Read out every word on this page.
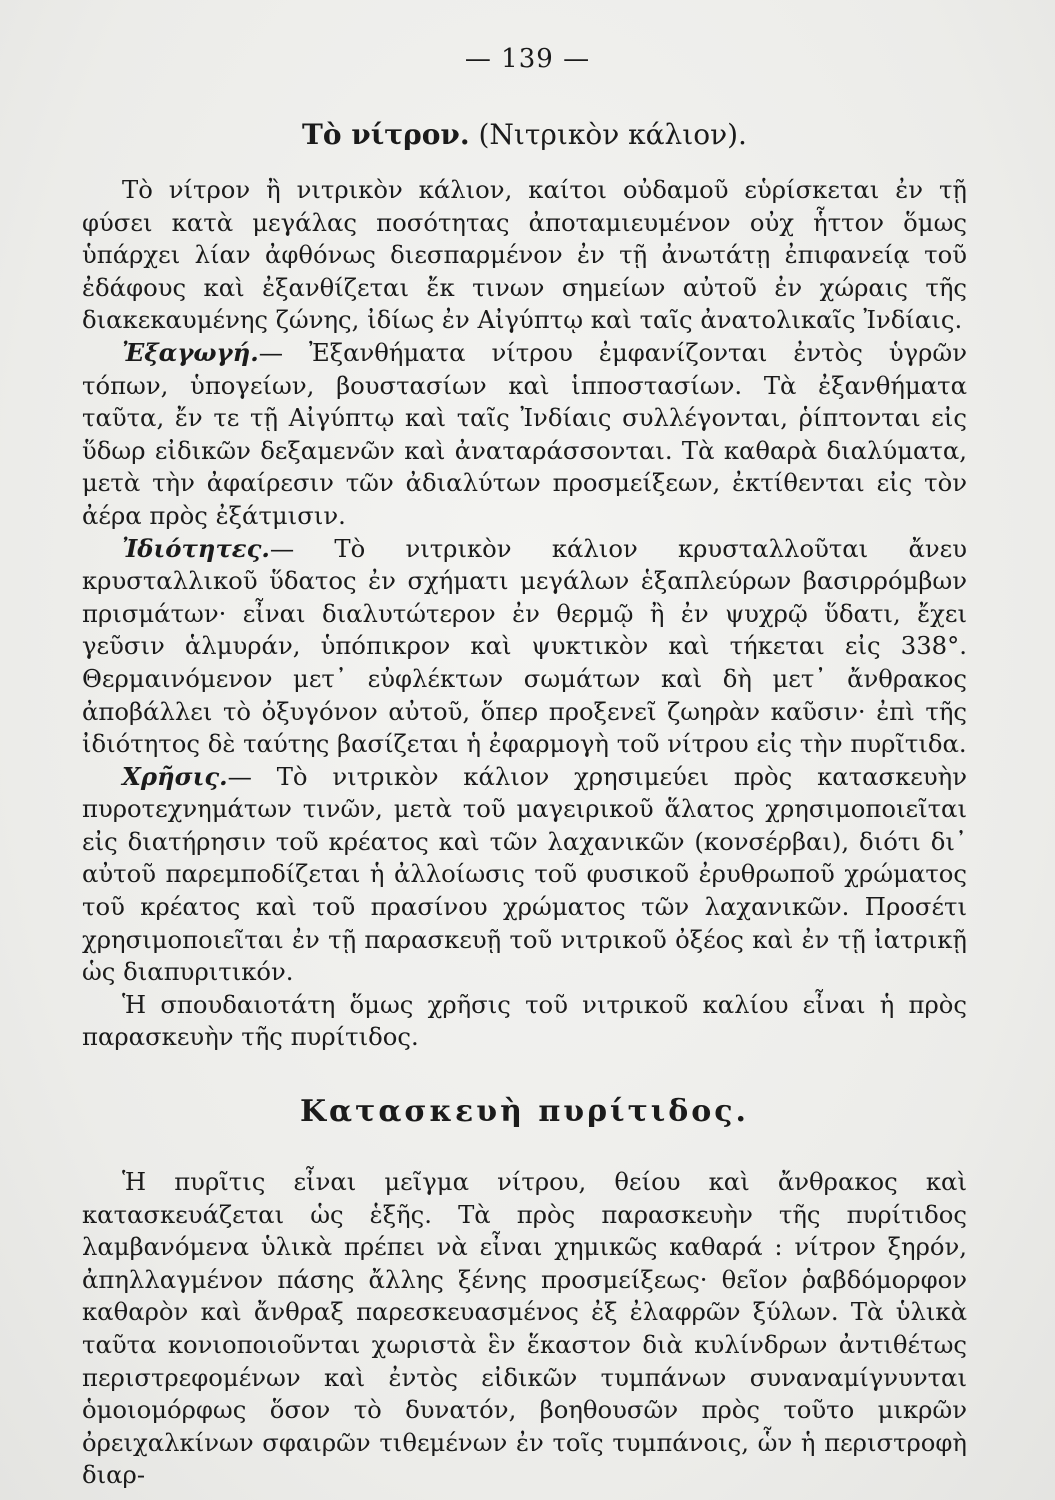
— 139 —
Τὸ νίτρον. (Νιτρικὸν κάλιον).

Τὸ νίτρον ἢ νιτρικὸν κάλιον, καίτοι οὐδαμοῦ εὑρίσκεται ἐν τῇ φύσει κατὰ μεγάλας ποσότητας ἀποταμιευμένον οὐχ ἧττον ὅμως ὑπάρχει λίαν ἀφθόνως διεσπαρμένον ἐν τῇ ἀνωτάτῃ ἐπιφανείᾳ τοῦ ἐδάφους καὶ ἐξανθίζεται ἔκ τινων σημείων αὐτοῦ ἐν χώραις τῆς διακεκαυμένης ζώνης, ἰδίως ἐν Αἰγύπτῳ καὶ ταῖς ἀνατολικαῖς Ἰνδίαις.

Ἐξαγωγή.— Ἐξανθήματα νίτρου ἐμφανίζονται ἐντὸς ὑγρῶν τόπων, ὑπογείων, βουστασίων καὶ ἱπποστασίων. Τὰ ἐξανθήματα ταῦτα, ἔν τε τῇ Αἰγύπτῳ καὶ ταῖς Ἰνδίαις συλλέγονται, ῥίπτονται εἰς ὕδωρ εἰδικῶν δεξαμενῶν καὶ ἀναταράσσονται. Τὰ καθαρὰ διαλύματα, μετὰ τὴν ἀφαίρεσιν τῶν ἀδιαλύτων προσμείξεων, ἐκτίθενται εἰς τὸν ἀέρα πρὸς ἐξάτμισιν.

Ἰδιότητες.— Τὸ νιτρικὸν κάλιον κρυσταλλοῦται ἄνευ κρυσταλλικοῦ ὕδατος ἐν σχήματι μεγάλων ἑξαπλεύρων βασιρρόμβων πρισμάτων· εἶναι διαλυτώτερον ἐν θερμῷ ἢ ἐν ψυχρῷ ὕδατι, ἔχει γεῦσιν ἁλμυράν, ὑπόπικρον καὶ ψυκτικὸν καὶ τήκεται εἰς 338°. Θερμαινόμενον μετ᾽ εὐφλέκτων σωμάτων καὶ δὴ μετ᾽ ἄνθρακος ἀποβάλλει τὸ ὀξυγόνον αὐτοῦ, ὅπερ προξενεῖ ζωηρὰν καῦσιν· ἐπὶ τῆς ἰδιότητος δὲ ταύτης βασίζεται ἡ ἐφαρμογὴ τοῦ νίτρου εἰς τὴν πυρῖτιδα.

Χρῆσις.— Τὸ νιτρικὸν κάλιον χρησιμεύει πρὸς κατασκευὴν πυροτεχνημάτων τινῶν, μετὰ τοῦ μαγειρικοῦ ἅλατος χρησιμοποιεῖται εἰς διατήρησιν τοῦ κρέατος καὶ τῶν λαχανικῶν (κονσέρβαι), διότι δι᾽ αὐτοῦ παρεμποδίζεται ἡ ἀλλοίωσις τοῦ φυσικοῦ ἐρυθρωποῦ χρώματος τοῦ κρέατος καὶ τοῦ πρασίνου χρώματος τῶν λαχανικῶν. Προσέτι χρησιμοποιεῖται ἐν τῇ παρασκευῇ τοῦ νιτρικοῦ ὀξέος καὶ ἐν τῇ ἰατρικῇ ὡς διαπυριτικόν.

Ἡ σπουδαιοτάτη ὅμως χρῆσις τοῦ νιτρικοῦ καλίου εἶναι ἡ πρὸς παρασκευὴν τῆς πυρίτιδος.

Κατασκευὴ πυρίτιδος.

Ἡ πυρῖτις εἶναι μεῖγμα νίτρου, θείου καὶ ἄνθρακος καὶ κατασκευάζεται ὡς ἑξῆς. Τὰ πρὸς παρασκευὴν τῆς πυρίτιδος λαμβανόμενα ὑλικὰ πρέπει νὰ εἶναι χημικῶς καθαρά : νίτρον ξηρόν, ἀπηλλαγμένον πάσης ἄλλης ξένης προσμείξεως· θεῖον ῥαβδόμορφον καθαρὸν καὶ ἄνθραξ παρεσκευασμένος ἐξ ἐλαφρῶν ξύλων. Τὰ ὑλικὰ ταῦτα κονιοποιοῦνται χωριστὰ ἓν ἕκαστον διὰ κυλίνδρων ἀντιθέτως περιστρεφομένων καὶ ἐντὸς εἰδικῶν τυμπάνων συναναμίγνυνται ὁμοιομόρφως ὅσον τὸ δυνατόν, βοηθουσῶν πρὸς τοῦτο μικρῶν ὀρειχαλκίνων σφαιρῶν τιθεμένων ἐν τοῖς τυμπάνοις, ὧν ἡ περιστροφὴ διαρ-
